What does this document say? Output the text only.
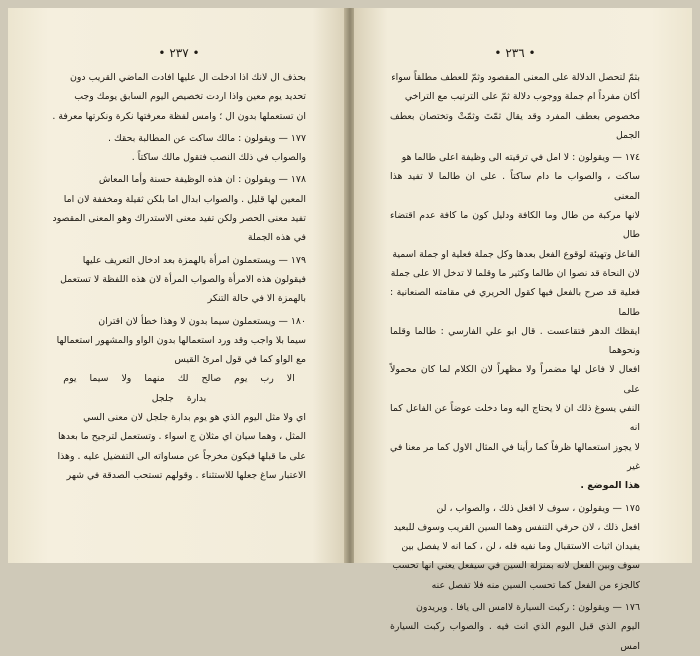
• ٢٣٧ •

بحذف ال لانك اذا ادخلت ال عليها افادت الماضي القريب دون

تحديد يوم معين واذا اردت تخصيص اليوم السابق يومك وجب

ان تستعملها بدون ال ؛ وامس لفظة معرفتها نكرة ونكرتها معرفة .

١٧٧ — ويقولون : مالك ساكت عن المطالبة بحقك .

والصواب في ذلك النصب فتقول مالك ساكتاً .

١٧٨ — ويقولون : ان هذه الوظيفة حسنة وأما المعاش

المعين لها قليل . والصواب ابدال اما بلكن ثقيلة ومخففة لان اما

تفيد معنى الحصر ولكن تفيد معنى الاستدراك وهو المعنى المقصود

في هذه الجملة

١٧٩ — ويستعملون امرأة بالهمزة بعد ادخال التعريف عليها

فيقولون هذه الامرأة والصواب المرأة لان هذه اللفظة لا تستعمل

بالهمزة الا في حالة التنكر

١٨٠ — ويستعملون سيما بدون لا وهذا خطأ لان اقتران

سيما بلا واجب وقد ورد استعمالها بدون الواو والمشهور استعمالها

مع الواو كما في قول امرئ القيس

الا رب يوم صالح لك منهما ولا سيما يوم بدارة جلجل

اي ولا مثل اليوم الذي هو يوم بدارة جلجل لان معنى السي

المثل ، وهما سيان اي مثلان ج اسواء . وتستعمل لترجيح ما بعدها

على ما قبلها فيكون مخرجاً عن مساواته الى التفضيل عليه . وهذا

الاعتبار ساغ جعلها للاستثناء . وقولهم تستحب الصدقة في شهر

• ٢٣٦ •

بثمّ لتحصل الدلالة على المعنى المقصود وثمّ للعطف مطلقاً سواء

أكان مفرداً ام جملة ووجوب دلالة ثمّ على الترتيب مع التراخي

مخصوص بعطف المفرد وقد يقال ثمّتَ وثمّتْ وتختصان بعطف الجمل

١٧٤ — ويقولون : لا امل في ترقيته الى وظيفة اعلى طالما هو

ساكت ، والصواب ما دام ساكتاً . على ان طالما لا تفيد هذا المعنى

لانها مركبة من طال وما الكافة ودليل كون ما كافة عدم اقتضاء طال

الفاعل وتهيئة لوقوع الفعل بعدها وكل جملة فعلية او جملة اسمية

لان النحاة قد نصوا ان طالما وكثير ما وقلما لا تدخل الا على جملة

فعلية قد صرح بالفعل فيها كقول الحريري في مقامته الصنعانية : طالما

ايقظك الدهر فتقاعست . قال ابو علي الفارسي : طالما وقلما ونحوهما

افعال لا فاعل لها مضمراً ولا مظهراً لان الكلام لما كان محمولاً على

النفي يسوغ ذلك ان لا يحتاج اليه وما دخلت عوضاً عن الفاعل كما انه

لا يجوز استعمالها ظرفاً كما رأينا في المثال الاول كما مر معنا في غير

هذا الموضع .

١٧٥ — ويقولون ، سوف لا افعل ذلك ، والصواب ، لن

افعل ذلك ، لان حرفي التنفس وهما السين القريب وسوف للبعيد

يفيدان اثبات الاستقبال وما نفيه فله ، لن ، كما انه لا يفصل بين

سوف وبين الفعل لانه بمنزلة السين في سيفعل يعني انها تحسب

كالجزء من الفعل كما تحسب السين منه فلا تفصل عنه

١٧٦ — ويقولون : ركبت السيارة لاامس الى يافا . ويريدون

اليوم الذي قبل اليوم الذي انت فيه . والصواب ركبت السيارة امس
